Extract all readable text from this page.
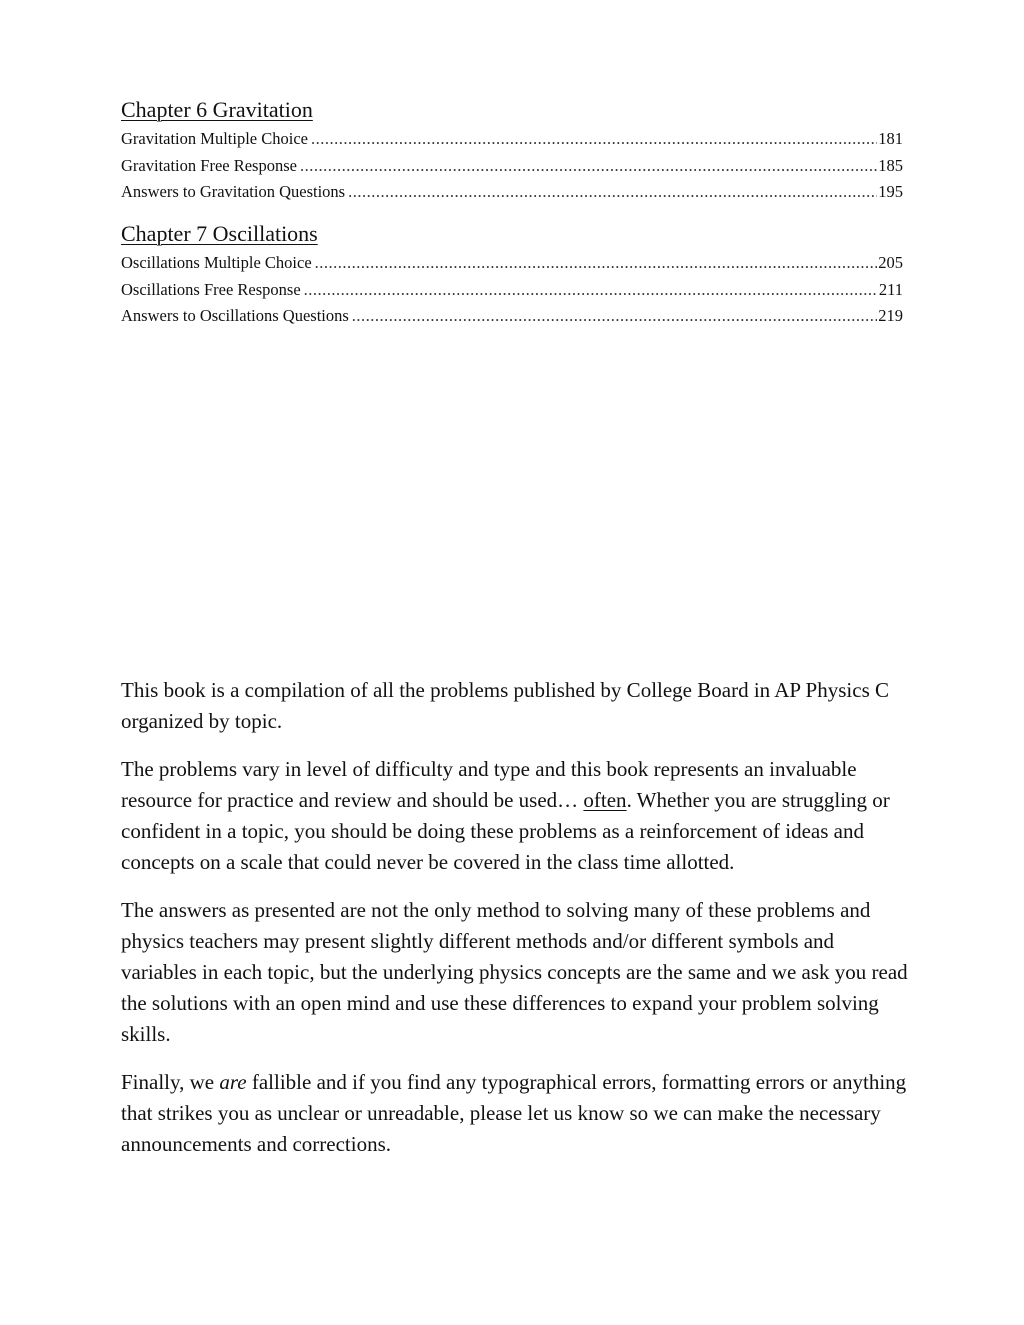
Chapter 6 Gravitation
Gravitation Multiple Choice .....	181
Gravitation Free Response .....	185
Answers to Gravitation Questions .....	195
Chapter 7 Oscillations
Oscillations Multiple Choice .....	205
Oscillations Free Response .....	211
Answers to Oscillations Questions .....	219

This book is a compilation of all the problems published by College Board in AP Physics C organized by topic.

The problems vary in level of difficulty and type and this book represents an invaluable resource for practice and review and should be used… often. Whether you are struggling or confident in a topic, you should be doing these problems as a reinforcement of ideas and concepts on a scale that could never be covered in the class time allotted.

The answers as presented are not the only method to solving many of these problems and physics teachers may present slightly different methods and/or different symbols and variables in each topic, but the underlying physics concepts are the same and we ask you read the solutions with an open mind and use these differences to expand your problem solving skills.

Finally, we are fallible and if you find any typographical errors, formatting errors or anything that strikes you as unclear or unreadable, please let us know so we can make the necessary announcements and corrections.
